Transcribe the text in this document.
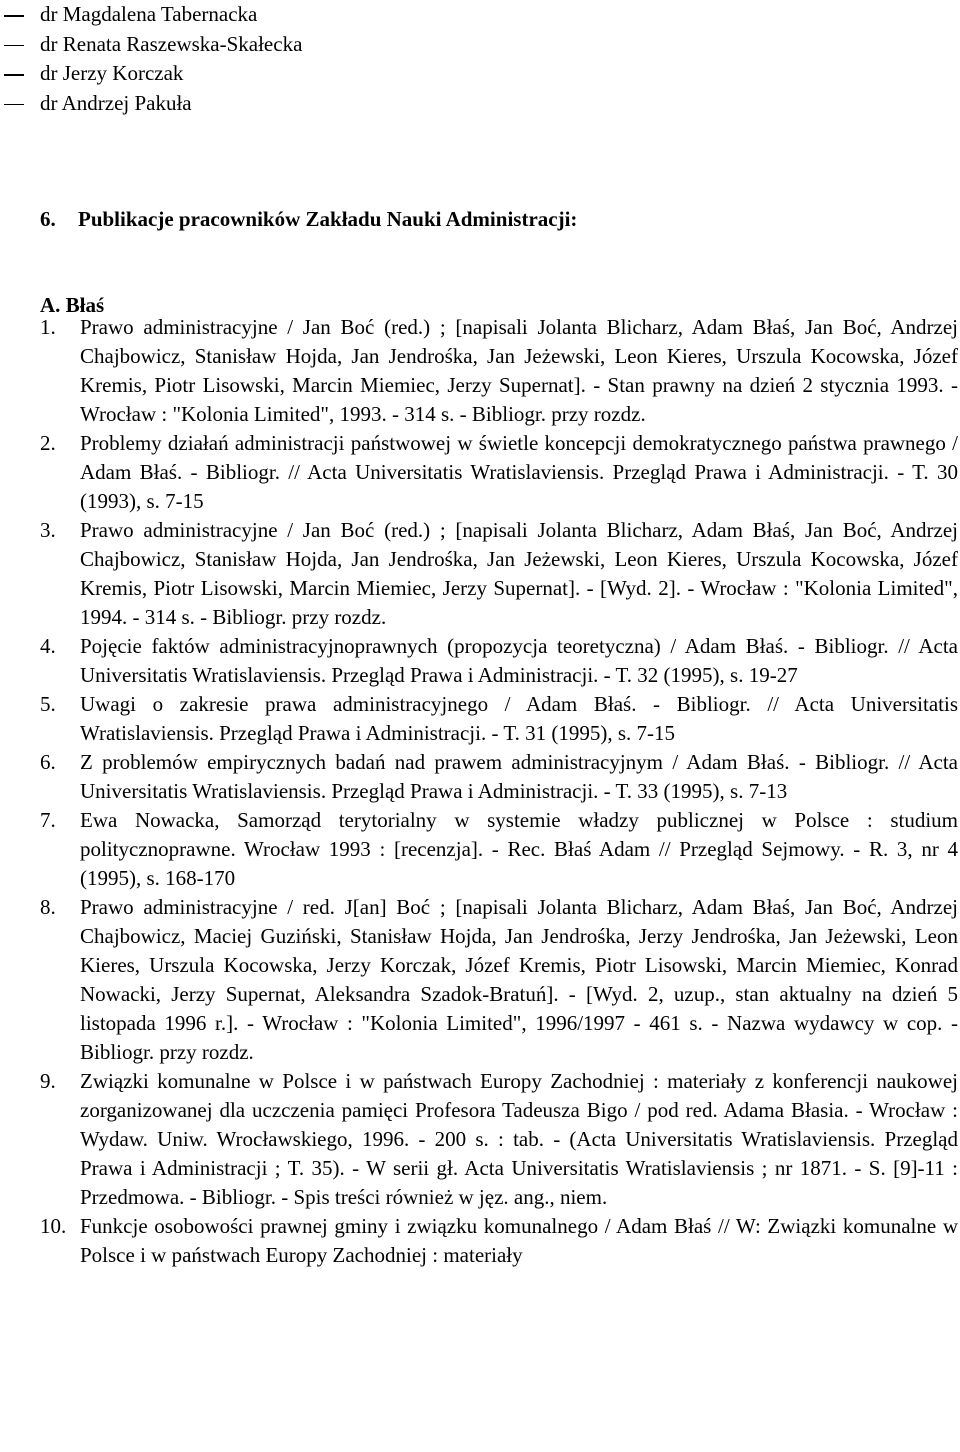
dr Magdalena Tabernacka
dr Renata Raszewska-Skałecka
dr Jerzy Korczak
dr Andrzej Pakuła
6. Publikacje pracowników Zakładu Nauki Administracji:
A. Błaś
1.	Prawo administracyjne / Jan Boć (red.) ; [napisali Jolanta Blicharz, Adam Błaś, Jan Boć, Andrzej Chajbowicz, Stanisław Hojda, Jan Jendrośka, Jan Jeżewski, Leon Kieres, Urszula Kocowska, Józef Kremis, Piotr Lisowski, Marcin Miemiec, Jerzy Supernat]. - Stan prawny na dzień 2 stycznia 1993. - Wrocław : "Kolonia Limited", 1993. - 314 s. - Bibliogr. przy rozdz.
2.	Problemy działań administracji państwowej w świetle koncepcji demokratycznego państwa prawnego / Adam Błaś. - Bibliogr. // Acta Universitatis Wratislaviensis. Przegląd Prawa i Administracji. - T. 30 (1993), s. 7-15
3.	Prawo administracyjne / Jan Boć (red.) ; [napisali Jolanta Blicharz, Adam Błaś, Jan Boć, Andrzej Chajbowicz, Stanisław Hojda, Jan Jendrośka, Jan Jeżewski, Leon Kieres, Urszula Kocowska, Józef Kremis, Piotr Lisowski, Marcin Miemiec, Jerzy Supernat]. - [Wyd. 2]. - Wrocław : "Kolonia Limited", 1994. - 314 s. - Bibliogr. przy rozdz.
4.	Pojęcie faktów administracyjnoprawnych (propozycja teoretyczna) / Adam Błaś. - Bibliogr. // Acta Universitatis Wratislaviensis. Przegląd Prawa i Administracji. - T. 32 (1995), s. 19-27
5.	Uwagi o zakresie prawa administracyjnego / Adam Błaś. - Bibliogr. // Acta Universitatis Wratislaviensis. Przegląd Prawa i Administracji. - T. 31 (1995), s. 7-15
6.	Z problemów empirycznych badań nad prawem administracyjnym / Adam Błaś. - Bibliogr. // Acta Universitatis Wratislaviensis. Przegląd Prawa i Administracji. - T. 33 (1995), s. 7-13
7.	Ewa Nowacka, Samorząd terytorialny w systemie władzy publicznej w Polsce : studium politycznoprawne. Wrocław 1993 : [recenzja]. - Rec. Błaś Adam // Przegląd Sejmowy. - R. 3, nr 4 (1995), s. 168-170
8.	Prawo administracyjne / red. J[an] Boć ; [napisali Jolanta Blicharz, Adam Błaś, Jan Boć, Andrzej Chajbowicz, Maciej Guziński, Stanisław Hojda, Jan Jendrośka, Jerzy Jendrośka, Jan Jeżewski, Leon Kieres, Urszula Kocowska, Jerzy Korczak, Józef Kremis, Piotr Lisowski, Marcin Miemiec, Konrad Nowacki, Jerzy Supernat, Aleksandra Szadok-Bratuń]. - [Wyd. 2, uzup., stan aktualny na dzień 5 listopada 1996 r.]. - Wrocław : "Kolonia Limited", 1996/1997 - 461 s. - Nazwa wydawcy w cop. - Bibliogr. przy rozdz.
9.	Związki komunalne w Polsce i w państwach Europy Zachodniej : materiały z konferencji naukowej zorganizowanej dla uczczenia pamięci Profesora Tadeusza Bigo / pod red. Adama Błasia. - Wrocław : Wydaw. Uniw. Wrocławskiego, 1996. - 200 s. : tab. - (Acta Universitatis Wratislaviensis. Przegląd Prawa i Administracji ; T. 35). - W serii gł. Acta Universitatis Wratislaviensis ; nr 1871. - S. [9]-11 : Przedmowa. - Bibliogr. - Spis treści również w jęz. ang., niem.
10. Funkcje osobowości prawnej gminy i związku komunalnego / Adam Błaś // W: Związki komunalne w Polsce i w państwach Europy Zachodniej : materiały
